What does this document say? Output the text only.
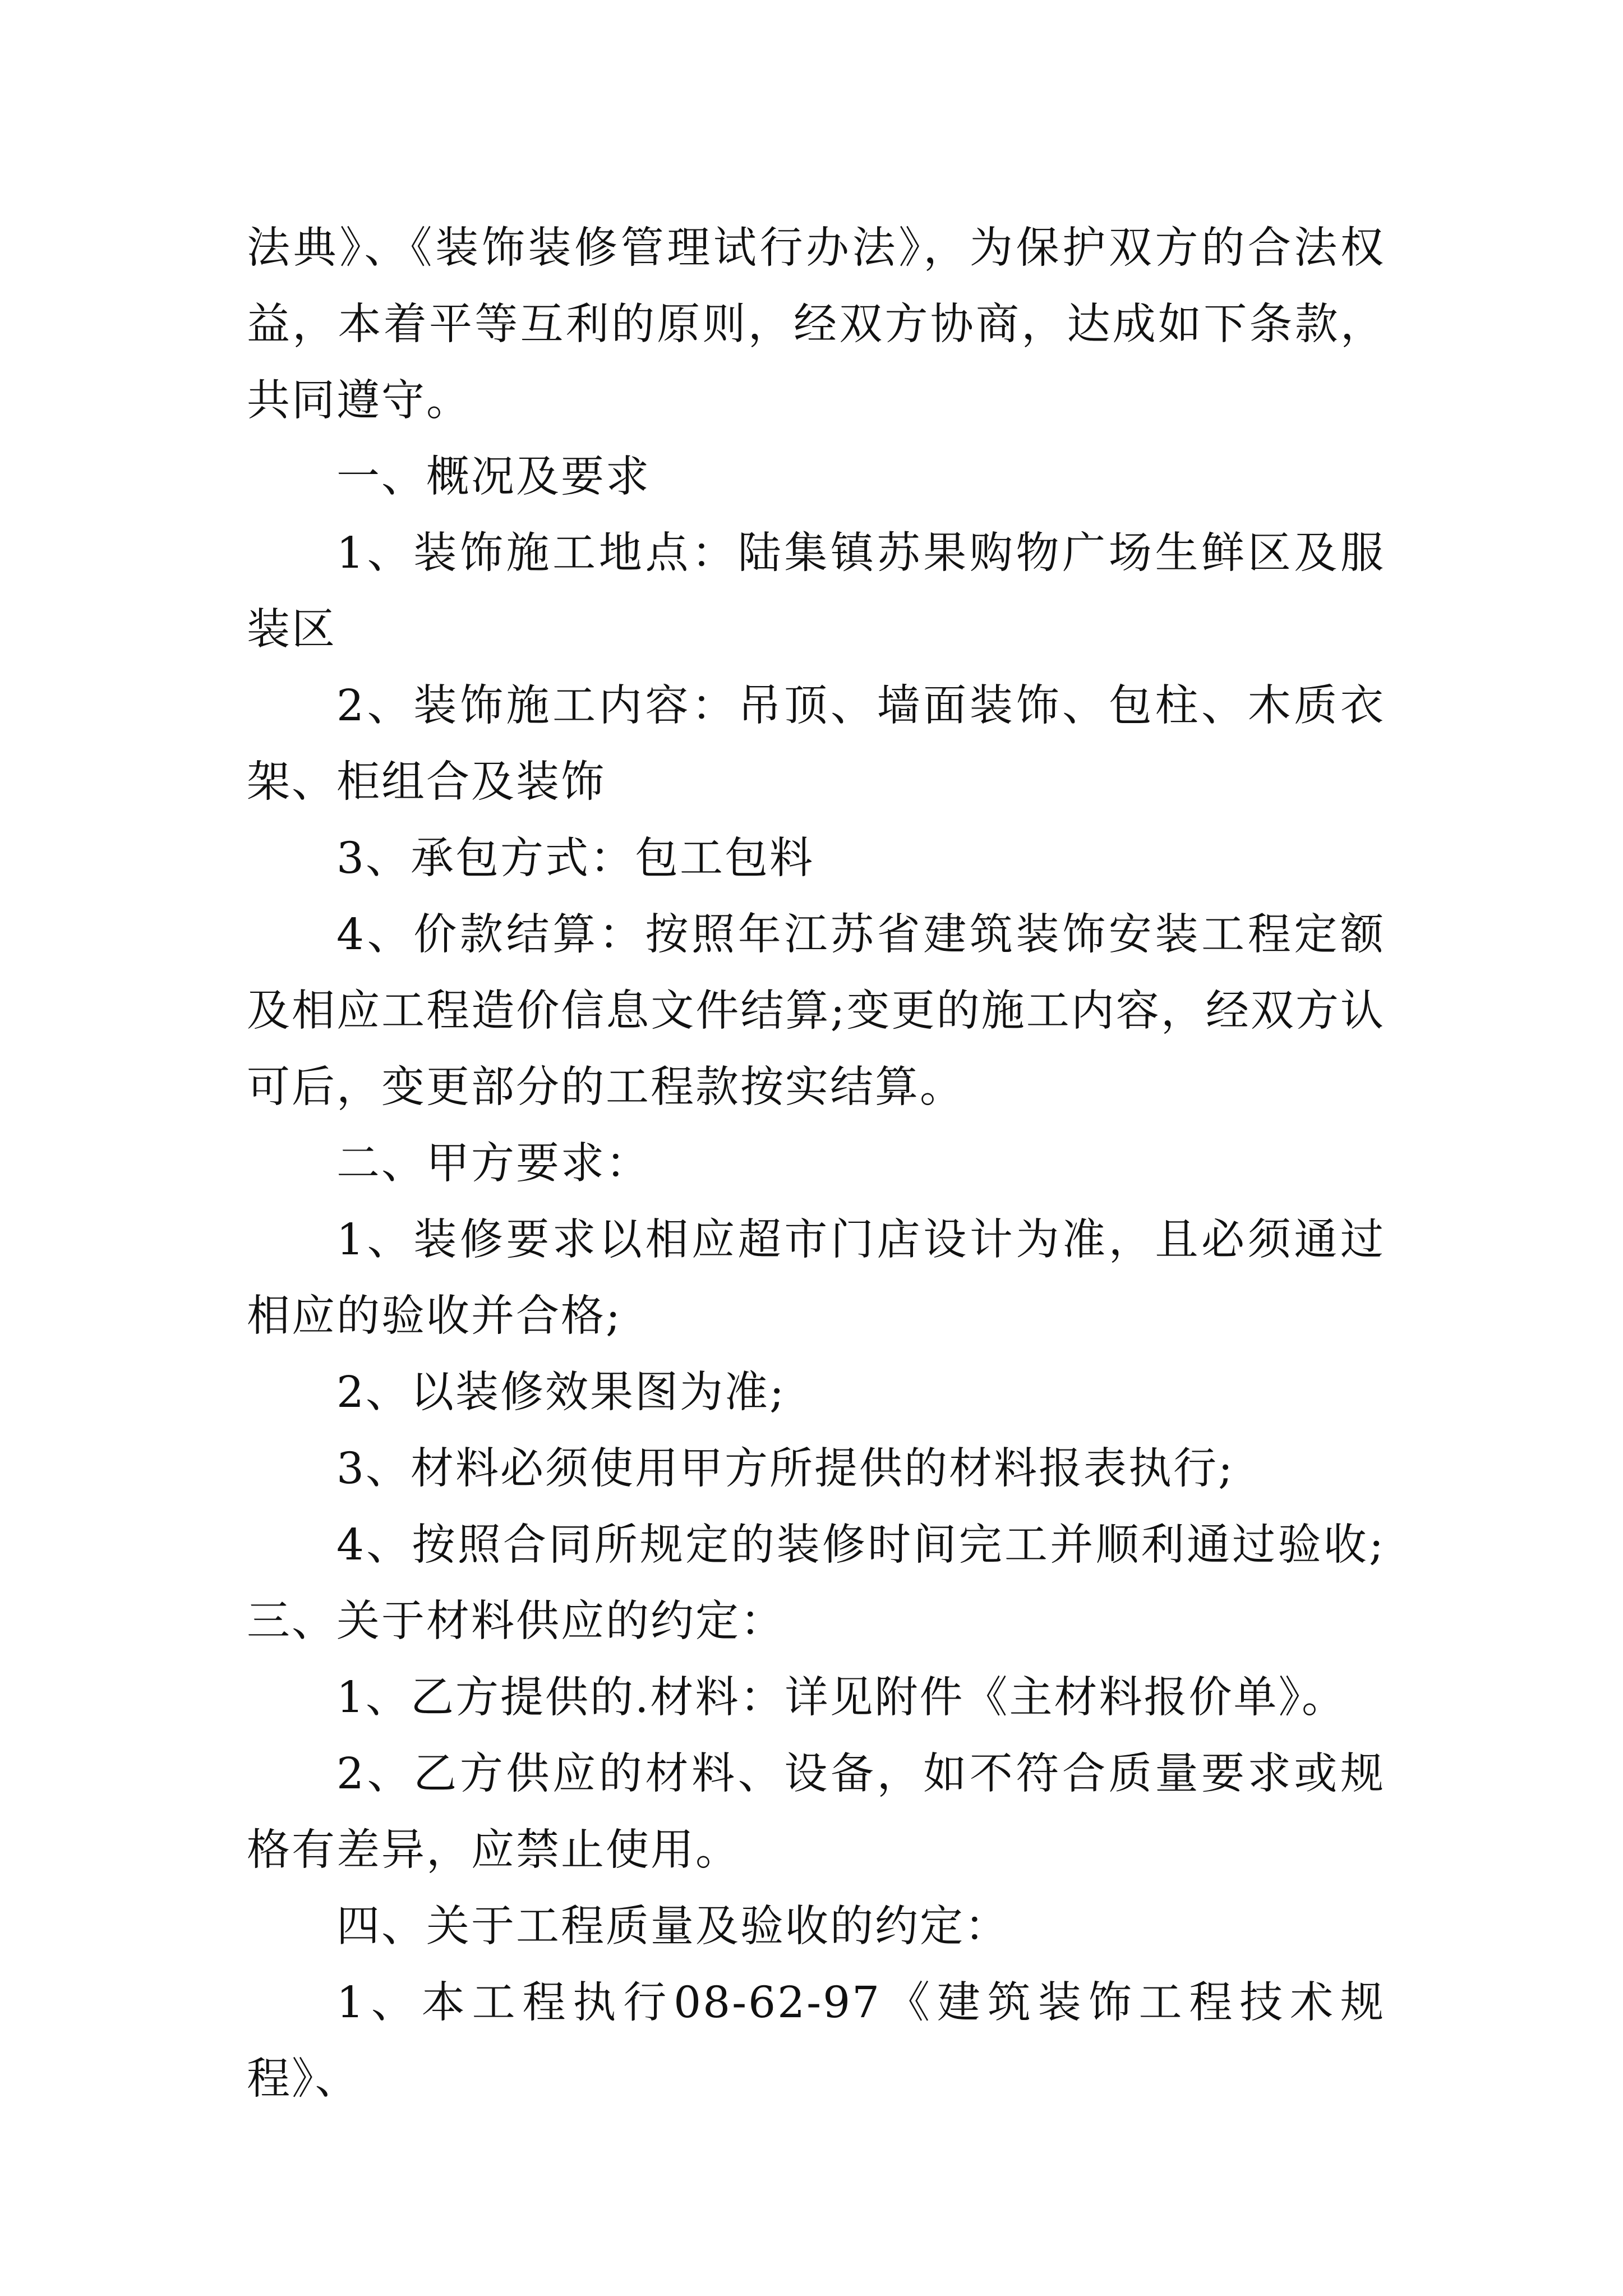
法典》、《装饰装修管理试行办法》，为保护双方的合法权益，本着平等互利的原则，经双方协商，达成如下条款，共同遵守。

一、概况及要求

1、装饰施工地点：陆集镇苏果购物广场生鲜区及服装区

2、装饰施工内容：吊顶、墙面装饰、包柱、木质衣架、柜组合及装饰

3、承包方式：包工包料

4、价款结算：按照年江苏省建筑装饰安装工程定额及相应工程造价信息文件结算;变更的施工内容，经双方认可后，变更部分的工程款按实结算。

二、甲方要求：

1、装修要求以相应超市门店设计为准，且必须通过相应的验收并合格;

2、以装修效果图为准;

3、材料必须使用甲方所提供的材料报表执行;

4、按照合同所规定的装修时间完工并顺利通过验收;三、关于材料供应的约定：

1、乙方提供的.材料：详见附件《主材料报价单》。

2、乙方供应的材料、设备，如不符合质量要求或规格有差异，应禁止使用。

四、关于工程质量及验收的约定：

1、本工程执行08-62-97《建筑装饰工程技术规程》、
